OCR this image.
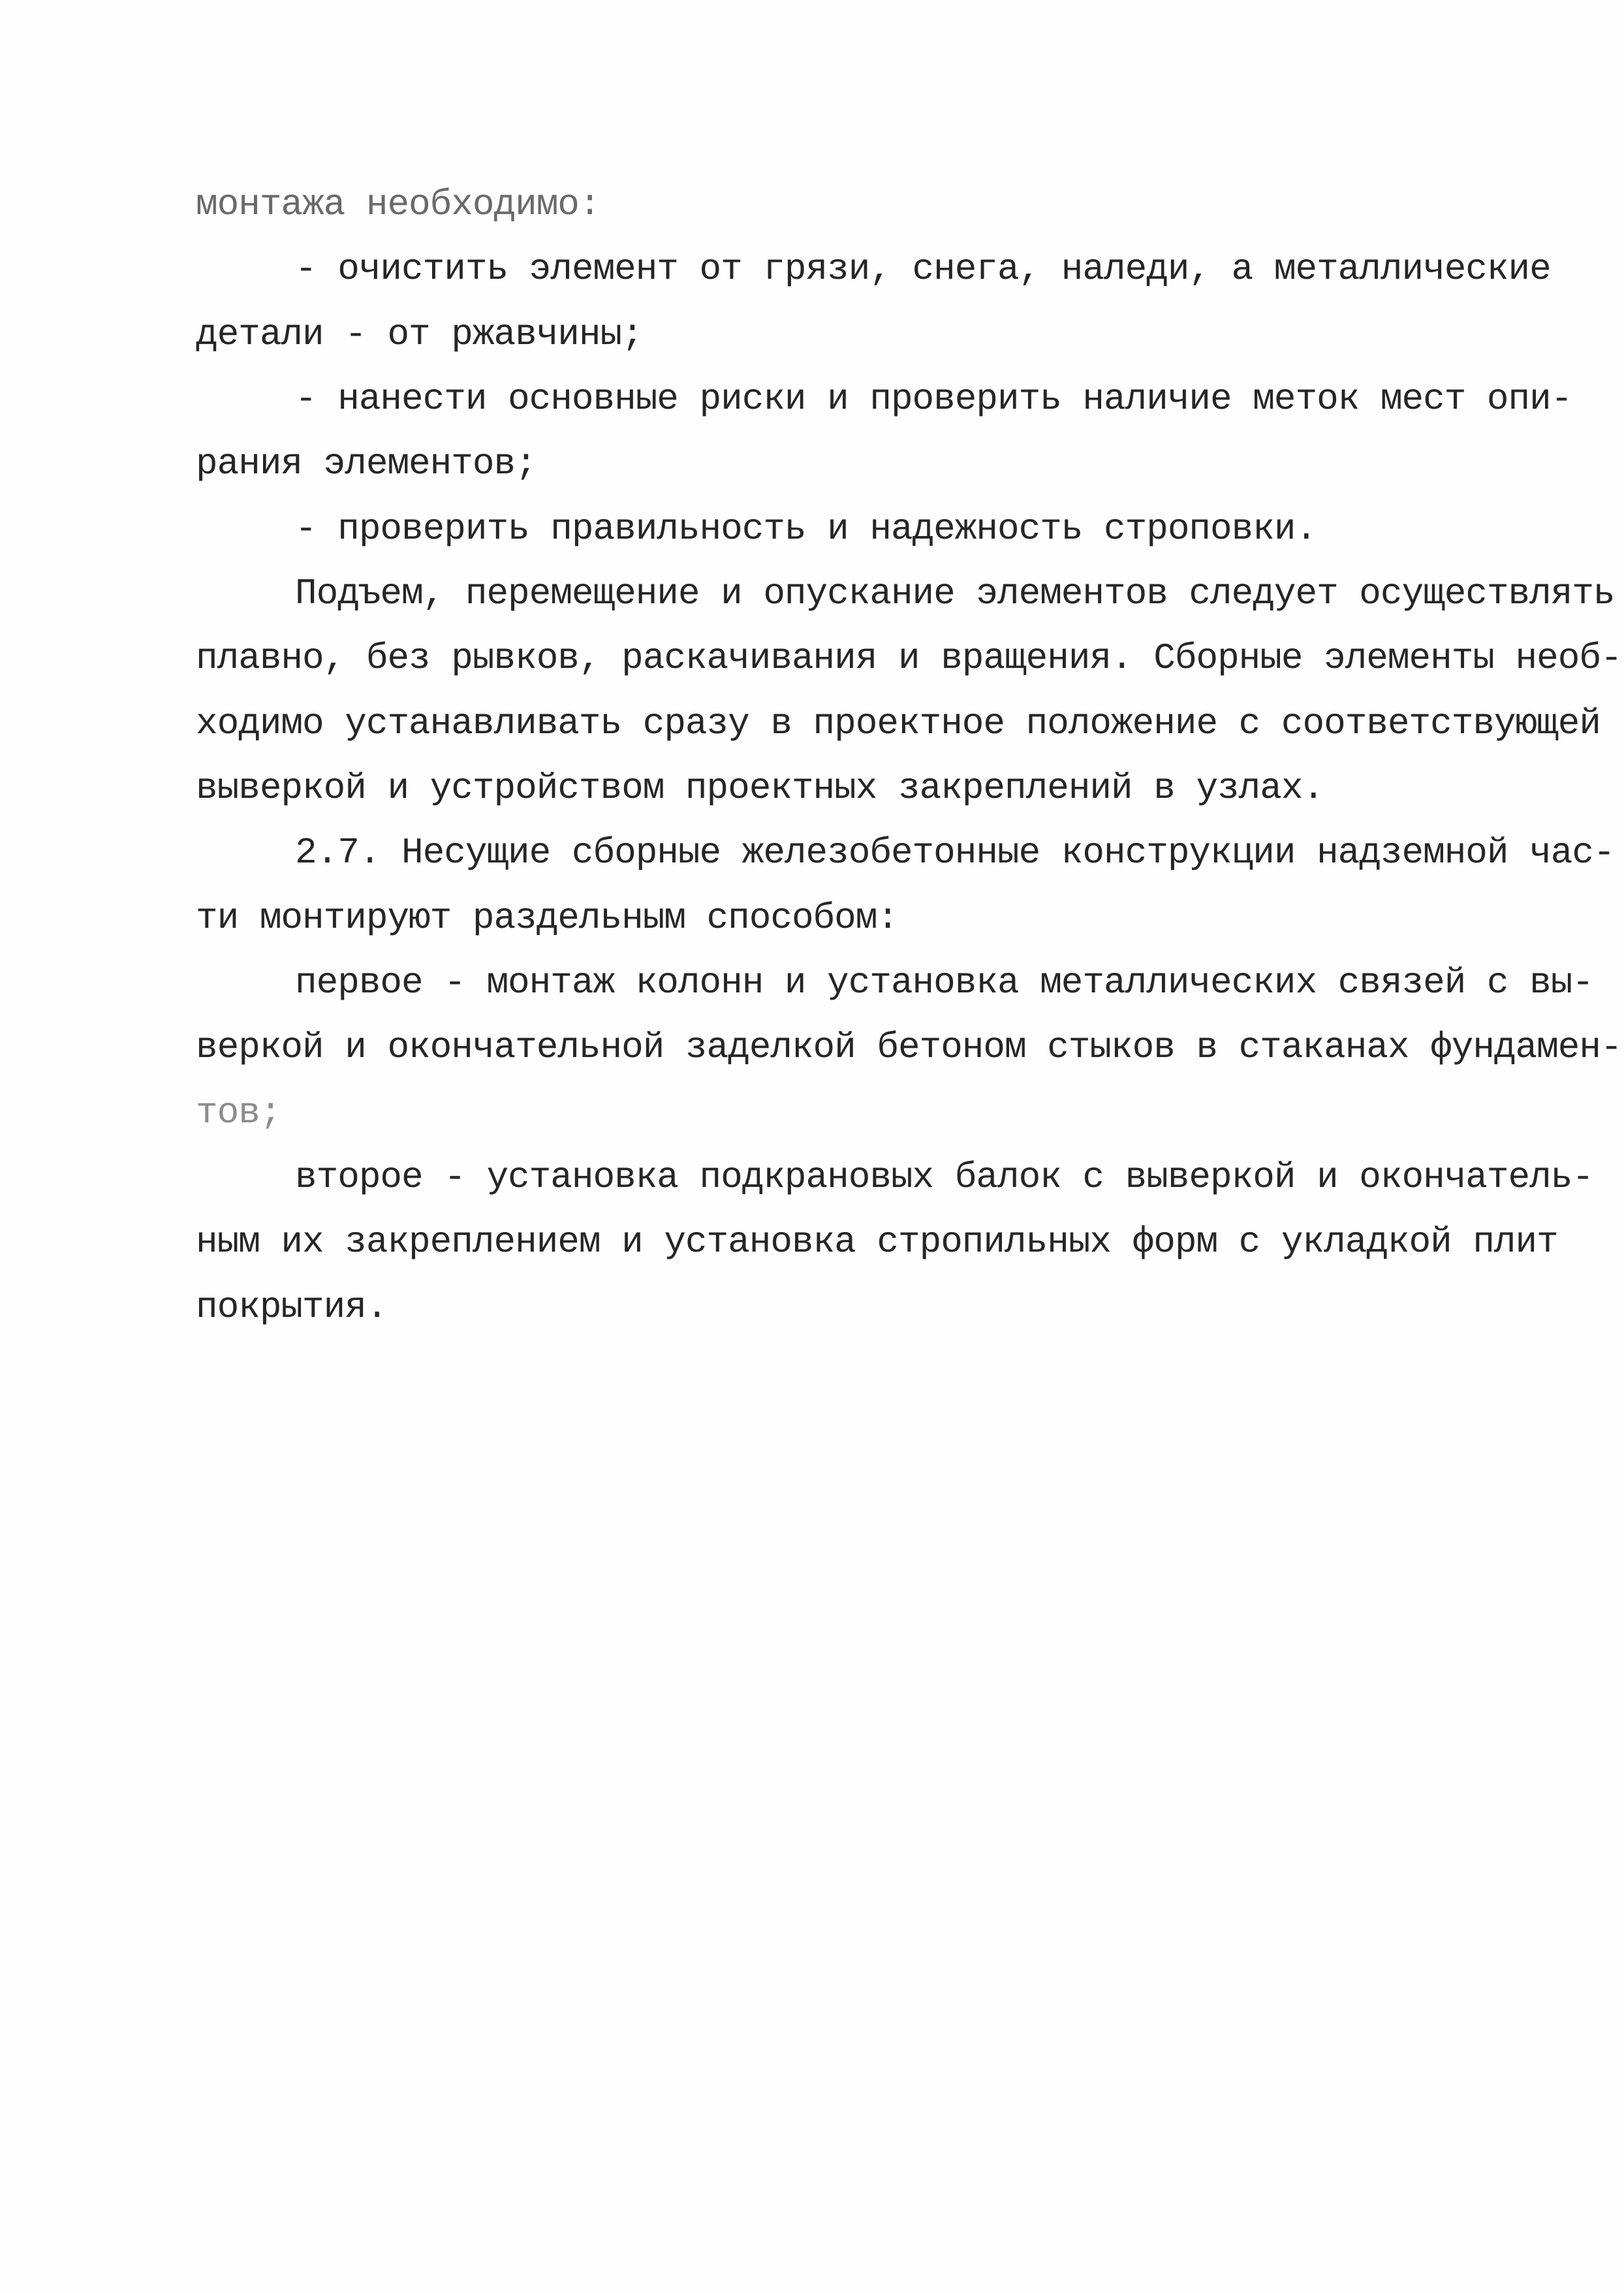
монтажа необходимо:
- очистить элемент от грязи, снега, наледи, а металлические
детали - от ржавчины;
- нанести основные риски и проверить наличие меток мест опи-
рания элементов;
- проверить правильность и надежность строповки.
Подъем, перемещение и опускание элементов следует осуществлять
плавно, без рывков, раскачивания и вращения. Сборные элементы необ-
ходимо устанавливать сразу в проектное положение с соответствующей
выверкой и устройством проектных закреплений в узлах.
2.7. Несущие сборные железобетонные конструкции надземной час-
ти монтируют раздельным способом:
первое - монтаж колонн и установка металлических связей с вы-
веркой и окончательной заделкой бетоном стыков в стаканах фундамен-
тов;
второе - установка подкрановых балок с выверкой и окончатель-
ным их закреплением и установка стропильных форм с укладкой плит
покрытия.
